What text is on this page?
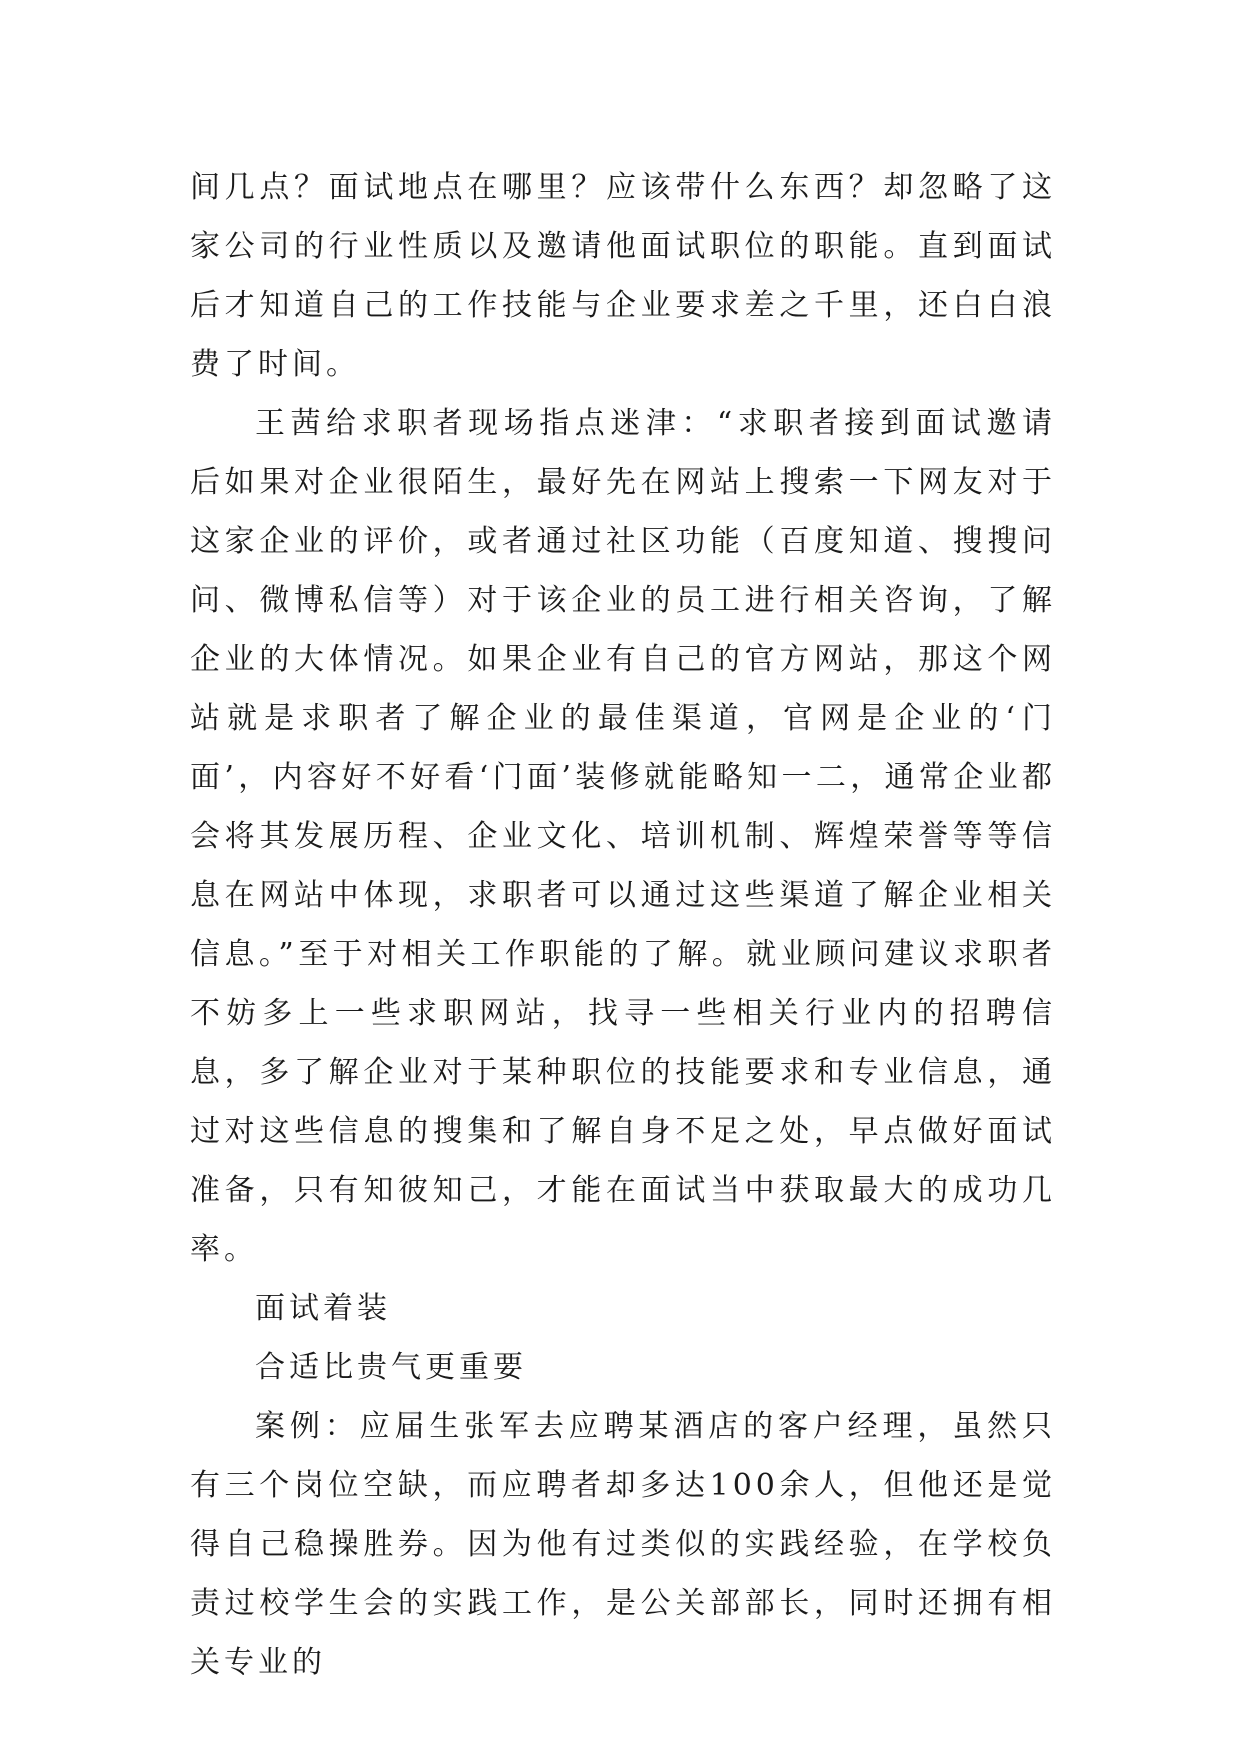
间几点？面试地点在哪里？应该带什么东西？却忽略了这家公司的行业性质以及邀请他面试职位的职能。直到面试后才知道自己的工作技能与企业要求差之千里，还白白浪费了时间。

王茜给求职者现场指点迷津：“求职者接到面试邀请后如果对企业很陌生，最好先在网站上搜索一下网友对于这家企业的评价，或者通过社区功能（百度知道、搜搜问问、微博私信等）对于该企业的员工进行相关咨询，了解企业的大体情况。如果企业有自己的官方网站，那这个网站就是求职者了解企业的最佳渠道，官网是企业的‘门面’，内容好不好看‘门面’装修就能略知一二，通常企业都会将其发展历程、企业文化、培训机制、辉煌荣誉等等信息在网站中体现，求职者可以通过这些渠道了解企业相关信息。”至于对相关工作职能的了解。就业顾问建议求职者不妨多上一些求职网站，找寻一些相关行业内的招聘信息，多了解企业对于某种职位的技能要求和专业信息，通过对这些信息的搜集和了解自身不足之处，早点做好面试准备，只有知彼知己，才能在面试当中获取最大的成功几率。

面试着装

合适比贵气更重要

案例：应届生张军去应聘某酒店的客户经理，虽然只有三个岗位空缺，而应聘者却多达100余人，但他还是觉得自己稳操胜券。因为他有过类似的实践经验，在学校负责过校学生会的实践工作，是公关部部长，同时还拥有相关专业的
